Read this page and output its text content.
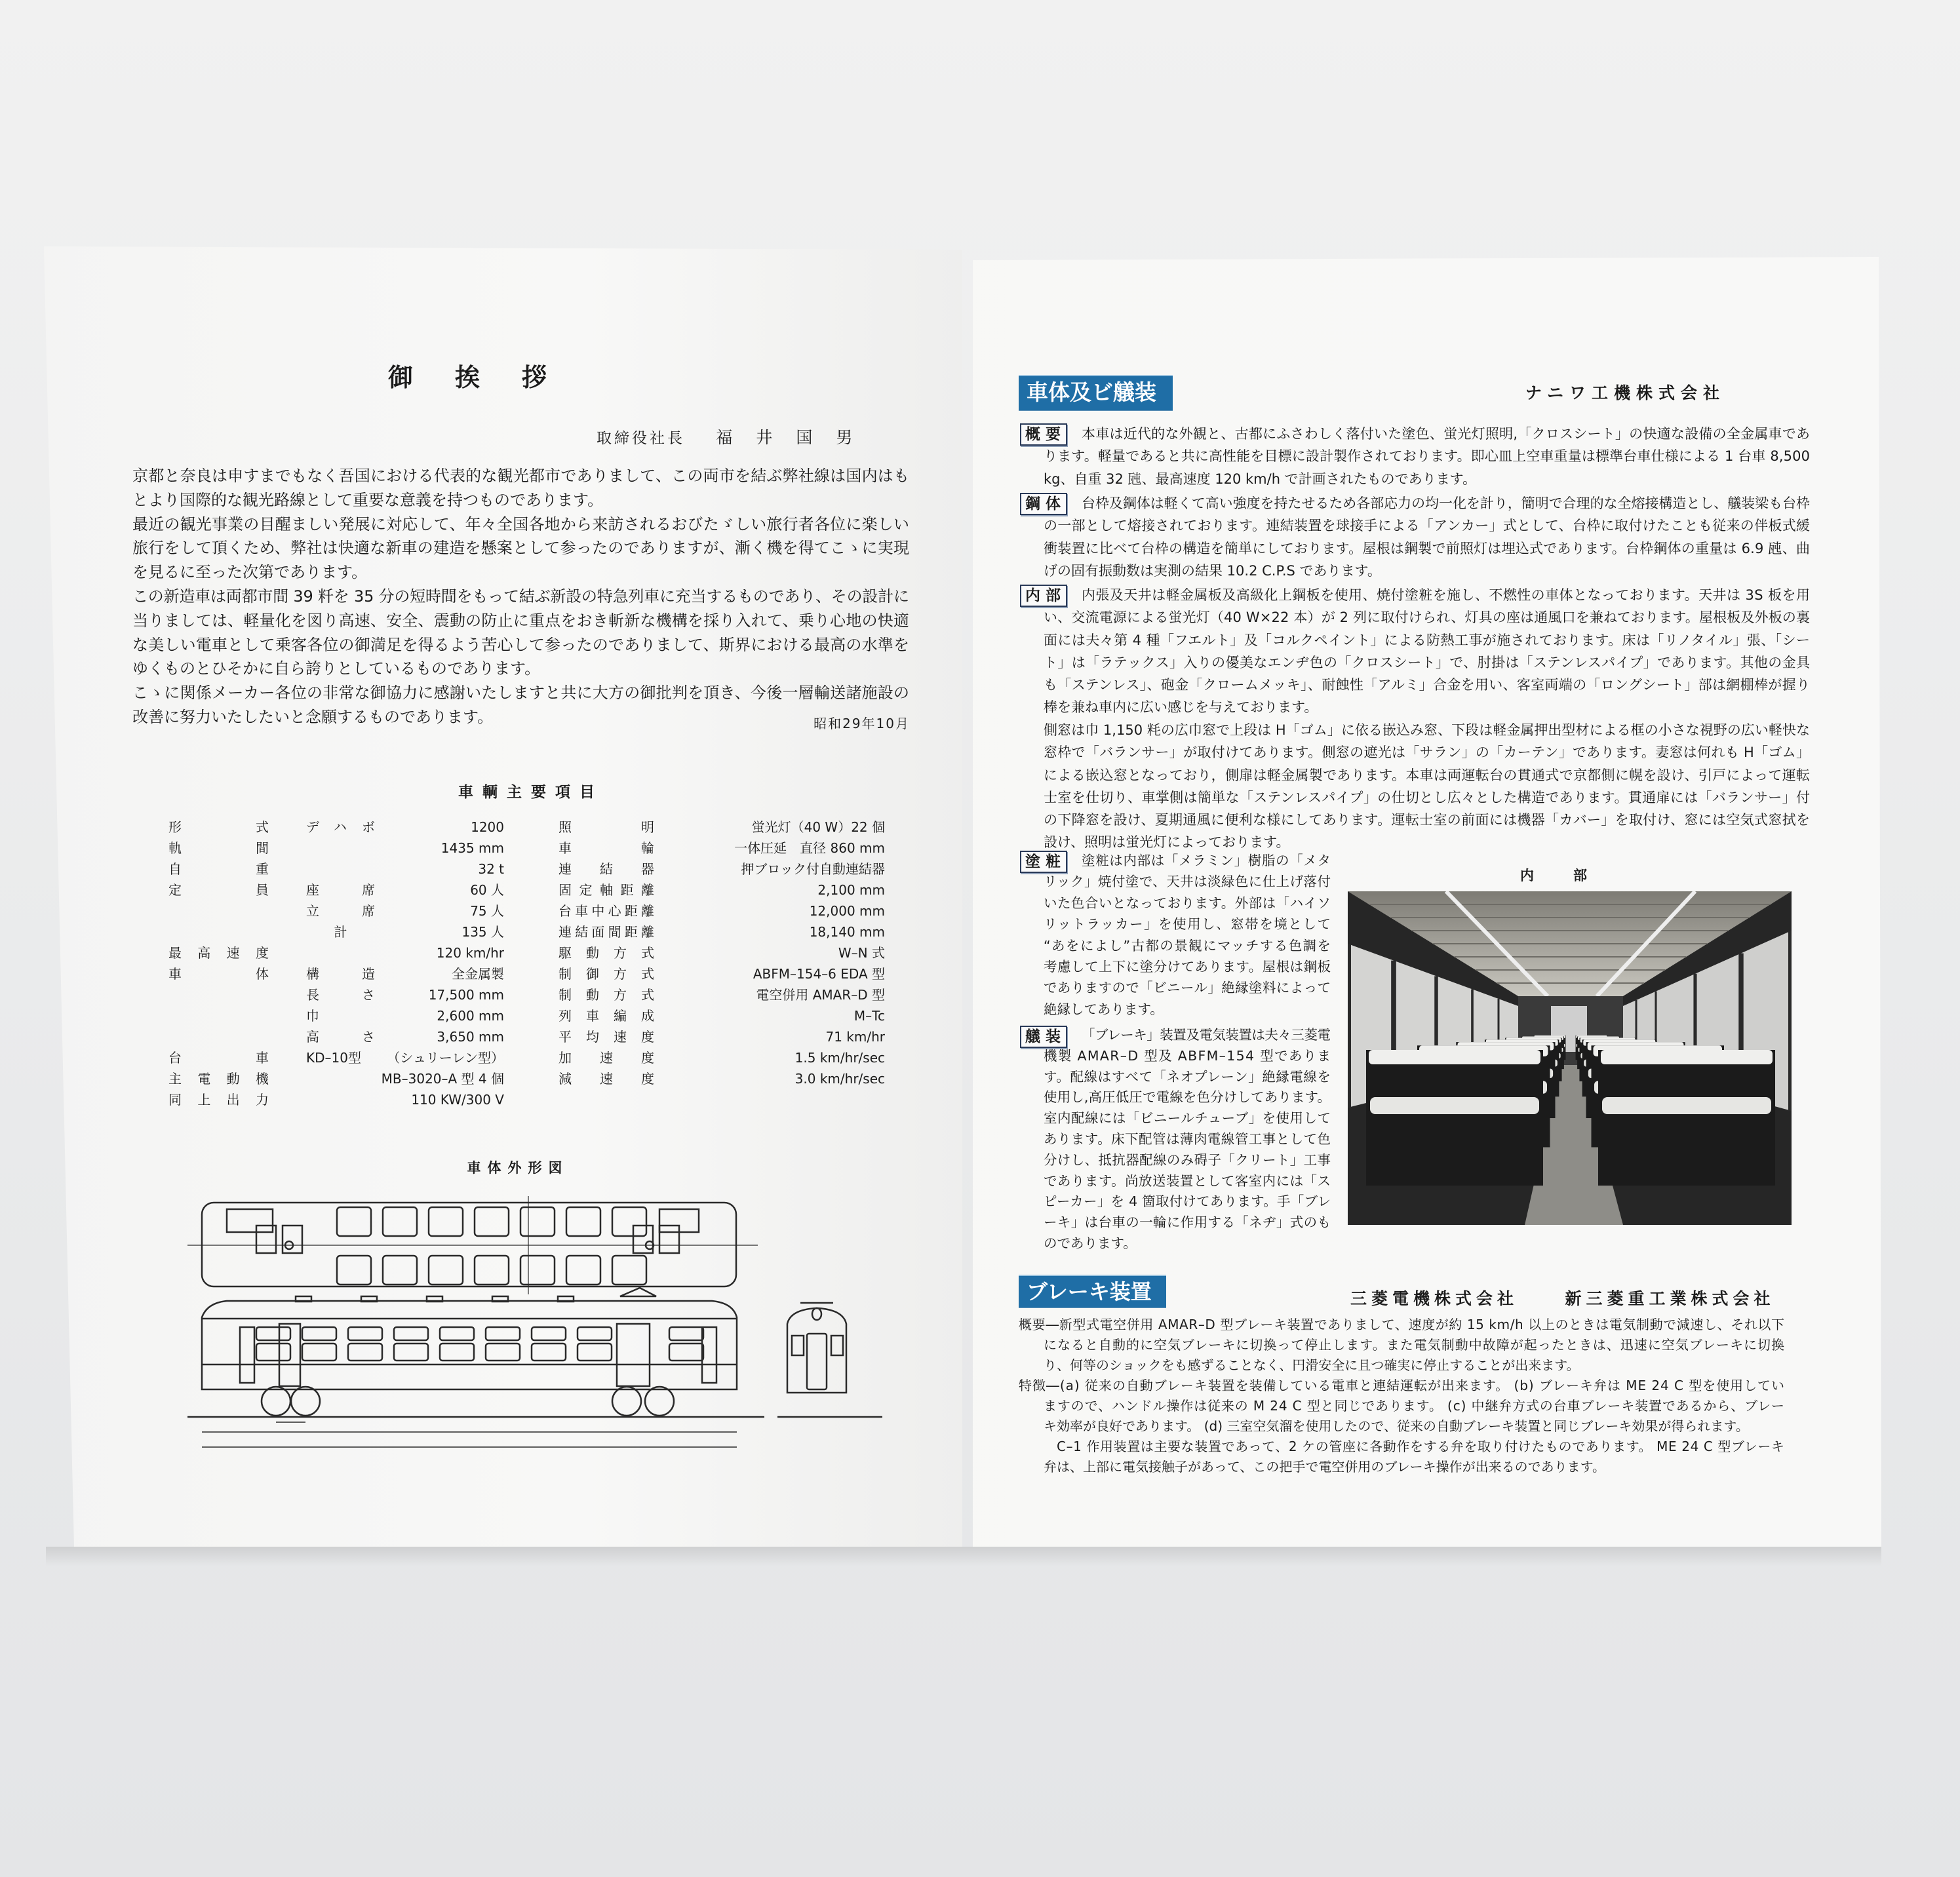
御挨拶
取締役社長 福井国男
京都と奈良は申すまでもなく吾国における代表的な観光都市でありまして、この両市を結ぶ弊社線は国内はも
とより国際的な観光路線として重要な意義を持つものであります。
最近の観光事業の目醒ましい発展に対応して、年々全国各地から来訪されるおびたゞしい旅行者各位に楽しい
旅行をして頂くため、弊社は快適な新車の建造を懸案として参ったのでありますが、漸く機を得てこゝに実現
を見るに至った次第であります。
この新造車は両都市間 39 粁を 35 分の短時間をもって結ぶ新設の特急列車に充当するものであり、その設計に
当りましては、軽量化を図り高速、安全、震動の防止に重点をおき斬新な機構を採り入れて、乗り心地の快適
な美しい電車として乗客各位の御満足を得るよう苦心して参ったのでありまして、斯界における最高の水準を
ゆくものとひそかに自ら誇りとしているものであります。
こゝに関係メーカー各位の非常な御協力に感謝いたしますと共に大方の御批判を頂き、今後一層輸送諸施設の
改善に努力いたしたいと念願するものであります。	昭和29年10月
車輌主要項目
形式	デハボ	1200
軌間	1435 mm
自重	32 t
定員	座席	60 人
立席	75 人
計	135 人
最高速度	120 km/hr
車体	構造	全金属製
長さ	17,500 mm
巾	2,600 mm
高さ	3,650 mm
台車	KD–10型	（シュリーレン型）
主電動機	MB–3020–A 型 4 個
同上出力	110 KW/300 V
照明	蛍光灯（40 W）22 個
車輪	一体圧延　直径 860 mm
連結器	押ブロック付自動連結器
固定軸距離	2,100 mm
台車中心距離	12,000 mm
連結面間距離	18,140 mm
駆動方式	W–N 式
制御方式	ABFM–154–6 EDA 型
制動方式	電空併用 AMAR–D 型
列車編成	M–Tc
平均速度	71 km/hr
加速度	1.5 km/hr/sec
減速度	3.0 km/hr/sec
車体外形図
車体及ビ艤装	ナニワ工機株式会社
概要	本車は近代的な外観と、古都にふさわしく落付いた塗色、蛍光灯照明,「クロスシート」の快適な設備の全金属車であ
ります。軽量であると共に高性能を目標に設計製作されております。即心皿上空車重量は標準台車仕様による 1 台車 8,500
kg、自重 32 瓲、最高速度 120 km/h で計画されたものであります。
鋼体	台枠及鋼体は軽くて高い強度を持たせるため各部応力の均一化を計り，簡明で合理的な全熔接構造とし、艤装梁も台枠
の一部として熔接されております。連結装置を球接手による「アンカー」式として、台枠に取付けたことも従来の伴板式緩
衝装置に比べて台枠の構造を簡単にしております。屋根は鋼製で前照灯は埋込式であります。台枠鋼体の重量は 6.9 瓲、曲
げの固有振動数は実測の結果 10.2 C.P.S であります。
内部	内張及天井は軽金属板及高級化上鋼板を使用、焼付塗粧を施し、不燃性の車体となっております。天井は 3S 板を用
い、交流電源による蛍光灯（40 W×22 本）が 2 列に取付けられ、灯具の座は通風口を兼ねております。屋根板及外板の裏
面には夫々第 4 種「フエルト」及「コルクペイント」による防熱工事が施されております。床は「リノタイル」張、「シー
ト」は「ラテックス」入りの優美なエンヂ色の「クロスシート」で、肘掛は「ステンレスパイプ」であります。其他の金具
も「ステンレス」、砲金「クロームメッキ」、耐蝕性「アルミ」合金を用い、客室両端の「ロングシート」部は網棚棒が握り
棒を兼ね車内に広い感じを与えております。
側窓は巾 1,150 粍の広巾窓で上段は H「ゴム」に依る嵌込み窓、下段は軽金属押出型材による框の小さな視野の広い軽快な
窓枠で「バランサー」が取付けてあります。側窓の遮光は「サラン」の「カーテン」であります。妻窓は何れも H「ゴム」
による嵌込窓となっており，側扉は軽金属製であります。本車は両運転台の貫通式で京都側に幌を設け、引戸によって運転
士室を仕切り、車掌側は簡単な「ステンレスパイプ」の仕切とし広々とした構造であります。貫通扉には「バランサー」付
の下降窓を設け、夏期通風に便利な様にしてあります。運転士室の前面には機器「カバー」を取付け、窓には空気式窓拭を
設け、照明は蛍光灯によっております。
塗粧	塗粧は内部は「メラミン」樹脂の「メタ
リック」焼付塗で、天井は淡緑色に仕上げ落付
いた色合いとなっております。外部は「ハイソ
リットラッカー」を使用し、窓帯を境として
“あをによし”古都の景観にマッチする色調を
考慮して上下に塗分けてあります。屋根は鋼板
でありますので「ビニール」絶縁塗料によって
絶縁してあります。
艤装	「ブレーキ」装置及電気装置は夫々三菱電
機製 AMAR–D 型及 ABFM–154 型でありま
す。配線はすべて「ネオプレーン」絶縁電線を
使用し,高圧低圧で電線を色分けしてあります。
室内配線には「ビニールチューブ」を使用して
あります。床下配管は薄肉電線管工事として色
分けし、抵抗器配線のみ碍子「クリート」工事
であります。尚放送装置として客室内には「ス
ピーカー」を 4 箇取付けてあります。手「ブレ
ーキ」は台車の一輪に作用する「ネヂ」式のも
のであります。
内部
ブレーキ装置	三菱電機株式会社	新三菱重工業株式会社
概要―新型式電空併用 AMAR–D 型ブレーキ装置でありまして、速度が約 15 km/h 以上のときは電気制動で減速し、それ以下
になると自動的に空気ブレーキに切換って停止します。また電気制動中故障が起ったときは、迅速に空気ブレーキに切換
り、何等のショックをも感ずることなく、円滑安全に且つ確実に停止することが出来ます。
特徴―(a) 従来の自動ブレーキ装置を装備している電車と連結運転が出来ます。 (b) ブレーキ弁は ME 24 C 型を使用してい
ますので、ハンドル操作は従来の M 24 C 型と同じであります。 (c) 中継弁方式の台車ブレーキ装置であるから、ブレー
キ効率が良好であります。 (d) 三室空気溜を使用したので、従来の自動ブレーキ装置と同じブレーキ効果が得られます。
C–1 作用装置は主要な装置であって、2 ケの管座に各動作をする弁を取り付けたものであります。 ME 24 C 型ブレーキ
弁は、上部に電気接触子があって、この把手で電空併用のブレーキ操作が出来るのであります。
